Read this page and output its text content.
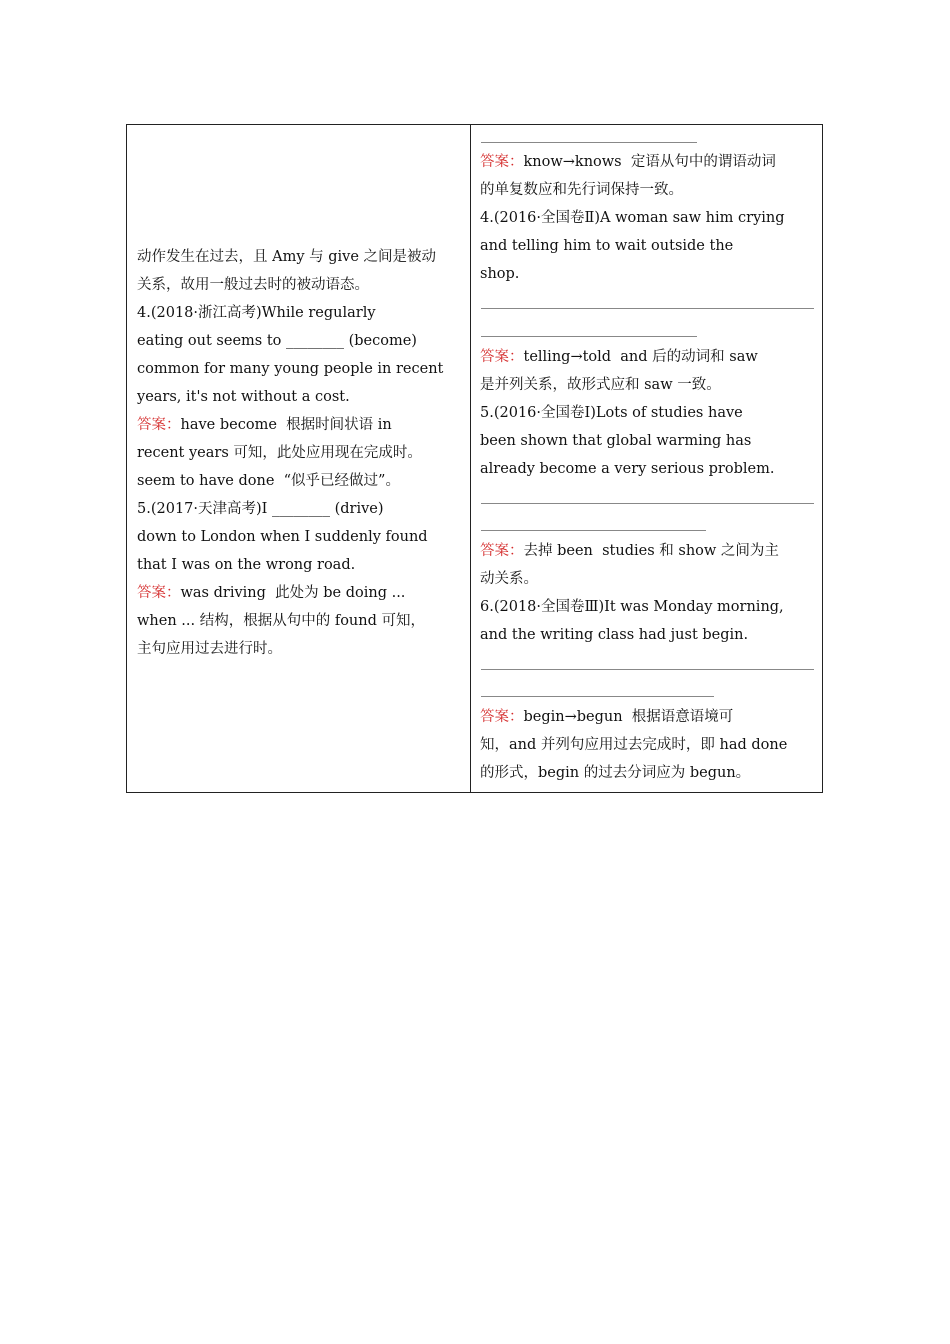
动作发生在过去，且 Amy 与 give 之间是被动
关系，故用一般过去时的被动语态。
4.(2018·浙江高考)While regularly
eating out seems to ________ (become)
common for many young people in recent
years, it's not without a cost.
答案：have become  根据时间状语 in
recent years 可知，此处应用现在完成时。
seem to have done  “似乎已经做过”。
5.(2017·天津高考)I ________ (drive)
down to London when I suddenly found
that I was on the wrong road.
答案：was driving  此处为 be doing ...
when ... 结构，根据从句中的 found 可知，
主句应用过去进行时。
答案：know→knows  定语从句中的谓语动词
的单复数应和先行词保持一致。
4.(2016·全国卷Ⅱ)A woman saw him crying
and telling him to wait outside the
shop.
答案：telling→told  and 后的动词和 saw
是并列关系，故形式应和 saw 一致。
5.(2016·全国卷Ⅰ)Lots of studies have
been shown that global warming has
already become a very serious problem.
答案：去掉 been  studies 和 show 之间为主
动关系。
6.(2018·全国卷Ⅲ)It was Monday morning,
and the writing class had just begin.
答案：begin→begun  根据语意语境可
知，and 并列句应用过去完成时，即 had done
的形式，begin 的过去分词应为 begun。
